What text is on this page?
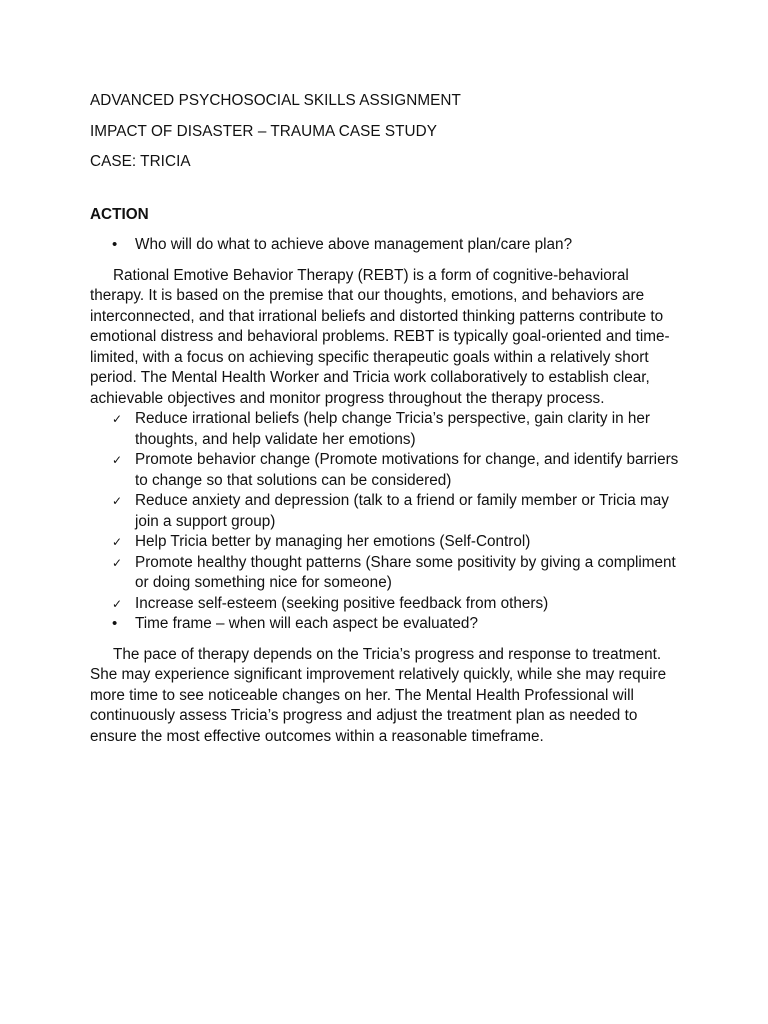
ADVANCED PSYCHOSOCIAL SKILLS ASSIGNMENT

IMPACT OF DISASTER – TRAUMA CASE STUDY

CASE: TRICIA

ACTION

• Who will do what to achieve above management plan/care plan?

Rational Emotive Behavior Therapy (REBT) is a form of cognitive-behavioral therapy. It is based on the premise that our thoughts, emotions, and behaviors are interconnected, and that irrational beliefs and distorted thinking patterns contribute to emotional distress and behavioral problems. REBT is typically goal-oriented and time-limited, with a focus on achieving specific therapeutic goals within a relatively short period. The Mental Health Worker and Tricia work collaboratively to establish clear, achievable objectives and monitor progress throughout the therapy process.

✓ Reduce irrational beliefs (help change Tricia’s perspective, gain clarity in her thoughts, and help validate her emotions)
✓ Promote behavior change (Promote motivations for change, and identify barriers to change so that solutions can be considered)
✓ Reduce anxiety and depression (talk to a friend or family member or Tricia may join a support group)
✓ Help Tricia better by managing her emotions (Self-Control)
✓ Promote healthy thought patterns (Share some positivity by giving a compliment or doing something nice for someone)
✓ Increase self-esteem (seeking positive feedback from others)
• Time frame – when will each aspect be evaluated?

The pace of therapy depends on the Tricia’s progress and response to treatment. She may experience significant improvement relatively quickly, while she may require more time to see noticeable changes on her. The Mental Health Professional will continuously assess Tricia’s progress and adjust the treatment plan as needed to ensure the most effective outcomes within a reasonable timeframe.
